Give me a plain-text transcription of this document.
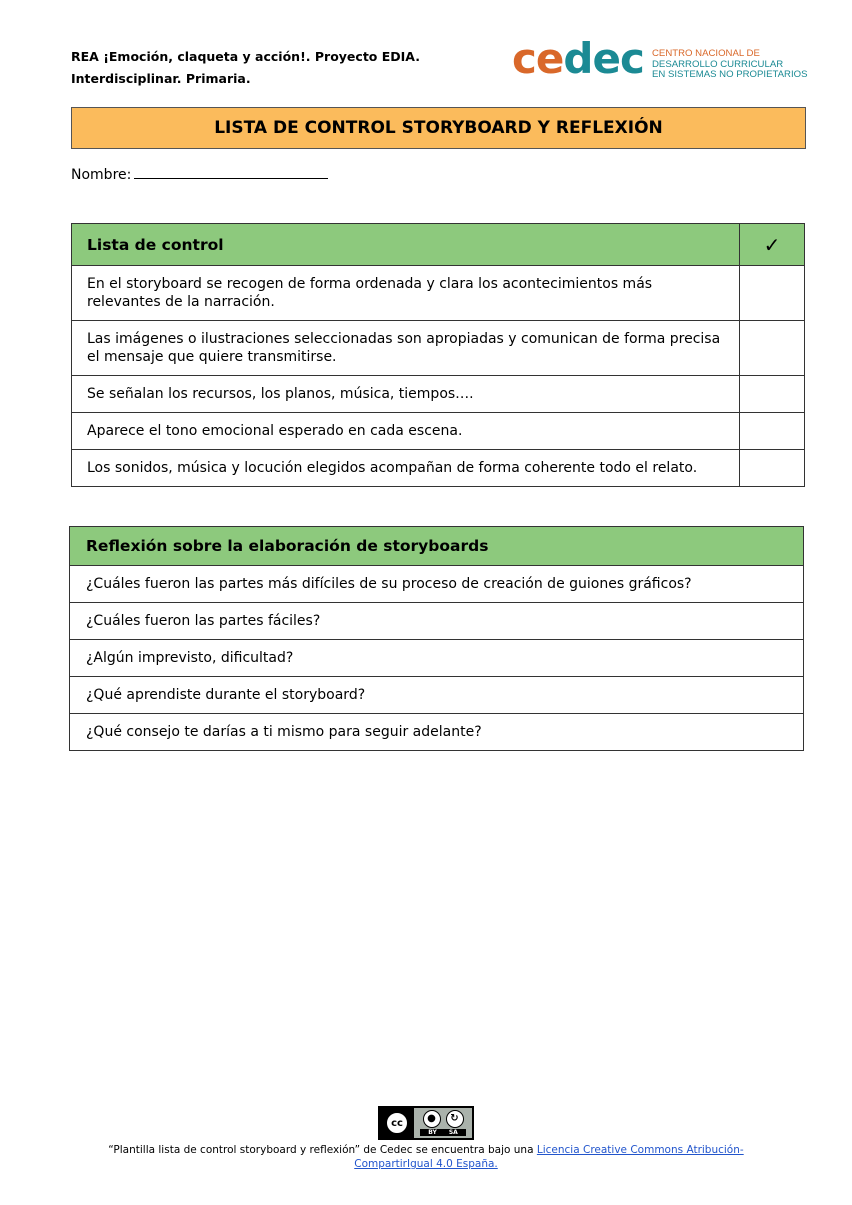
REA ¡Emoción, claqueta y acción!. Proyecto EDIA.
Interdisciplinar. Primaria.	cedec CENTRO NACIONAL DE
DESARROLLO CURRICULAR
EN SISTEMAS NO PROPIETARIOS
LISTA DE CONTROL STORYBOARD Y REFLEXIÓN
Nombre:
Lista de control	✓
En el storyboard se recogen de forma ordenada y clara los acontecimientos más relevantes de la narración.	
Las imágenes o ilustraciones seleccionadas son apropiadas y comunican de forma precisa el mensaje que quiere transmitirse.	
Se señalan los recursos, los planos, música, tiempos….	
Aparece el tono emocional esperado en cada escena.	
Los sonidos, música y locución elegidos acompañan de forma coherente todo el relato.	
Reflexión sobre la elaboración de storyboards
¿Cuáles fueron las partes más difíciles de su proceso de creación de guiones gráficos?
¿Cuáles fueron las partes fáciles?
¿Algún imprevisto, dificultad?
¿Qué aprendiste durante el storyboard?
¿Qué consejo te darías a ti mismo para seguir adelante?
cc	●	↻
BY SA
“Plantilla lista de control storyboard y reflexión” de Cedec se encuentra bajo una Licencia Creative Commons Atribución-CompartirIgual 4.0 España.
